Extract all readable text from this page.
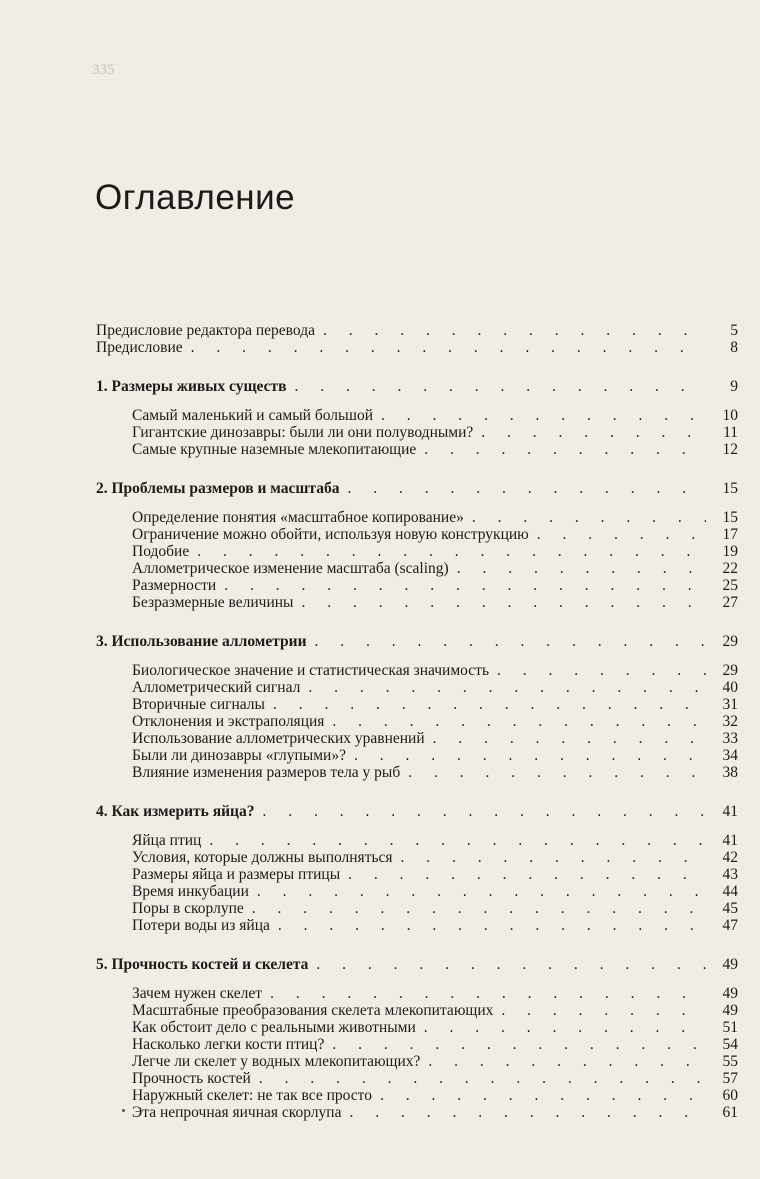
335
Оглавление
Предисловие редактора перевода . . .	5
Предисловие . . .	8
1. Размеры живых существ . . .	9
Самый маленький и самый большой . . .	10
Гигантские динозавры: были ли они полуводными? . . .	11
Самые крупные наземные млекопитающие . . .	12
2. Проблемы размеров и масштаба . . .	15
Определение понятия «масштабное копирование» . . .	15
Ограничение можно обойти, используя новую конструкцию . . .	17
Подобие . . .	19
Аллометрическое изменение масштаба (scaling) . . .	22
Размерности . . .	25
Безразмерные величины . . .	27
3. Использование аллометрии . . .	29
Биологическое значение и статистическая значимость . . .	29
Аллометрический сигнал . . .	40
Вторичные сигналы . . .	31
Отклонения и экстраполяция . . .	32
Использование аллометрических уравнений . . .	33
Были ли динозавры «глупыми»? . . .	34
Влияние изменения размеров тела у рыб . . .	38
4. Как измерить яйца? . . .	41
Яйца птиц . . .	41
Условия, которые должны выполняться . . .	42
Размеры яйца и размеры птицы . . .	43
Время инкубации . . .	44
Поры в скорлупе . . .	45
Потери воды из яйца . . .	47
5. Прочность костей и скелета . . .	49
Зачем нужен скелет . . .	49
Масштабные преобразования скелета млекопитающих . . .	49
Как обстоит дело с реальными животными . . .	51
Насколько легки кости птиц? . . .	54
Легче ли скелет у водных млекопитающих? . . .	55
Прочность костей . . .	57
Наружный скелет: не так все просто . . .	60
Эта непрочная яичная скорлупа . . .	61
